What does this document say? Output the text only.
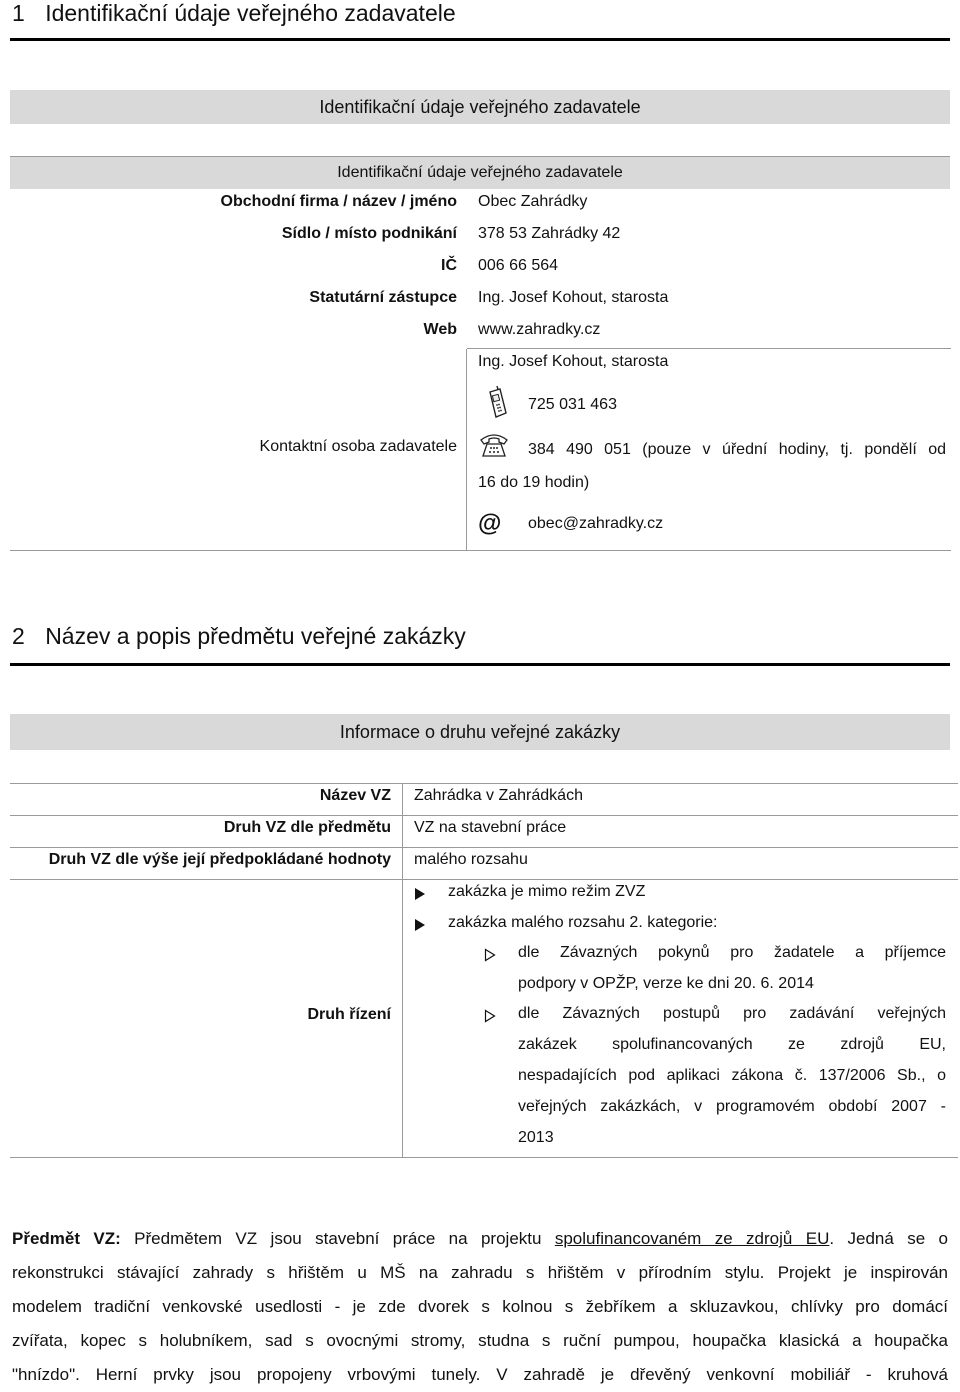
1 Identifikační údaje veřejného zadavatele
Identifikační údaje veřejného zadavatele
Identifikační údaje veřejného zadavatele
Obchodní firma / název / jméno Obec Zahrádky
Sídlo / místo podnikání 378 53 Zahrádky 42
IČ 006 66 564
Statutární zástupce Ing. Josef Kohout, starosta
Web www.zahradky.cz
Kontaktní osoba zadavatele
Ing. Josef Kohout, starosta
725 031 463
384 490 051 (pouze v úřední hodiny, tj. pondělí od
16 do 19 hodin)
@ obec@zahradky.cz
2 Název a popis předmětu veřejné zakázky
Informace o druhu veřejné zakázky
Název VZ Zahrádka v Zahrádkách
Druh VZ dle předmětu VZ na stavební práce
Druh VZ dle výše její předpokládané hodnoty malého rozsahu
Druh řízení
zakázka je mimo režim ZVZ
zakázka malého rozsahu 2. kategorie:
dle Závazných pokynů pro žadatele a příjemce
podpory v OPŽP, verze ke dni 20. 6. 2014
dle Závazných postupů pro zadávání veřejných
zakázek spolufinancovaných ze zdrojů EU,
nespadajících pod aplikaci zákona č. 137/2006 Sb., o
veřejných zakázkách, v programovém období 2007 -
2013
Předmět VZ: Předmětem VZ jsou stavební práce na projektu spolufinancovaném ze zdrojů EU. Jedná se o
rekonstrukci stávající zahrady s hřištěm u MŠ na zahradu s hřištěm v přírodním stylu. Projekt je inspirován
modelem tradiční venkovské usedlosti - je zde dvorek s kolnou s žebříkem a skluzavkou, chlívky pro domácí
zvířata, kopec s holubníkem, sad s ovocnými stromy, studna s ruční pumpou, houpačka klasická a houpačka
"hnízdo". Herní prvky jsou propojeny vrbovými tunely. V zahradě je dřevěný venkovní mobiliář - kruhová
